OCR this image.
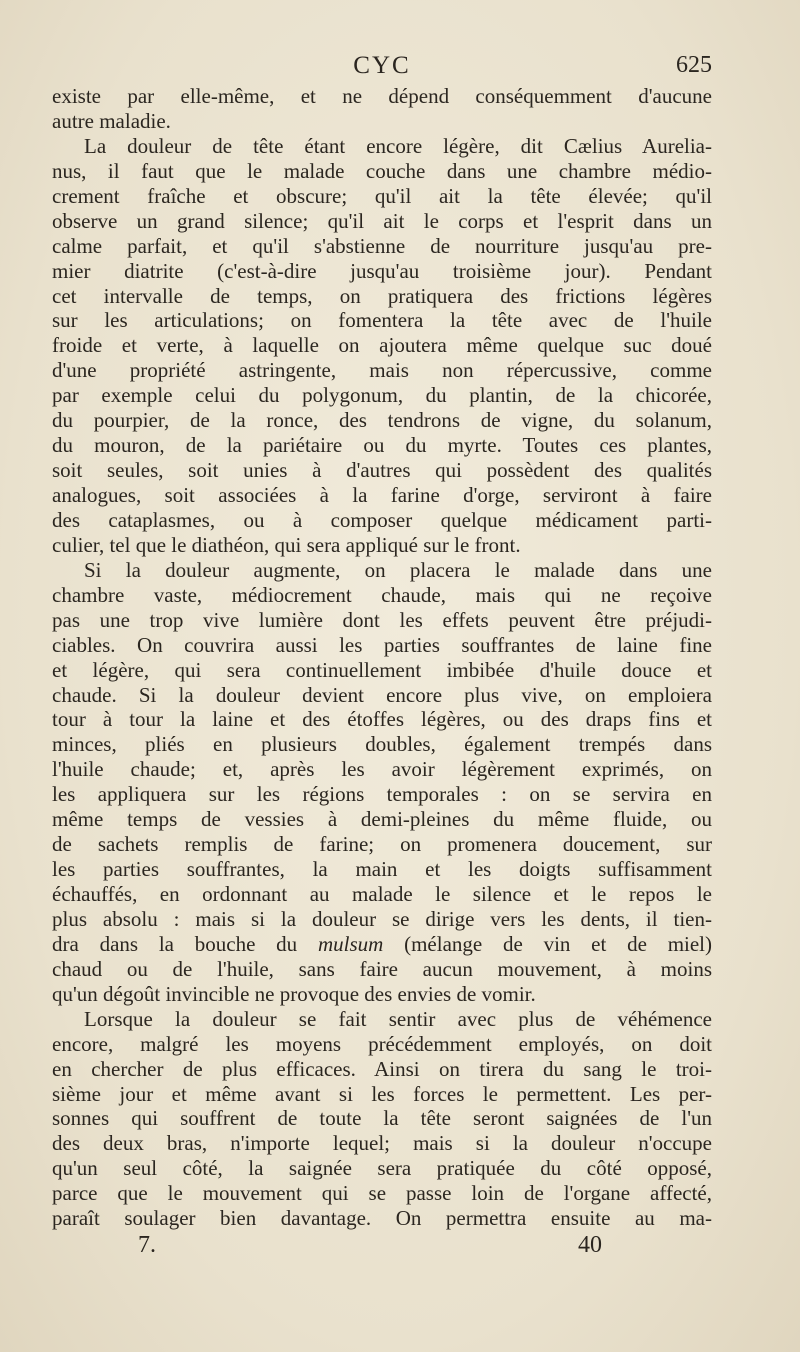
CYC	625
existe par elle-même, et ne dépend conséquemment d'aucune
autre maladie.
La douleur de tête étant encore légère, dit Cælius Aurelia-
nus, il faut que le malade couche dans une chambre médio-
crement fraîche et obscure; qu'il ait la tête élevée; qu'il
observe un grand silence; qu'il ait le corps et l'esprit dans un
calme parfait, et qu'il s'abstienne de nourriture jusqu'au pre-
mier diatrite (c'est-à-dire jusqu'au troisième jour). Pendant
cet intervalle de temps, on pratiquera des frictions légères
sur les articulations; on fomentera la tête avec de l'huile
froide et verte, à laquelle on ajoutera même quelque suc doué
d'une propriété astringente, mais non répercussive, comme
par exemple celui du polygonum, du plantin, de la chicorée,
du pourpier, de la ronce, des tendrons de vigne, du solanum,
du mouron, de la pariétaire ou du myrte. Toutes ces plantes,
soit seules, soit unies à d'autres qui possèdent des qualités
analogues, soit associées à la farine d'orge, serviront à faire
des cataplasmes, ou à composer quelque médicament parti-
culier, tel que le diathéon, qui sera appliqué sur le front.
Si la douleur augmente, on placera le malade dans une
chambre vaste, médiocrement chaude, mais qui ne reçoive
pas une trop vive lumière dont les effets peuvent être préjudi-
ciables. On couvrira aussi les parties souffrantes de laine fine
et légère, qui sera continuellement imbibée d'huile douce et
chaude. Si la douleur devient encore plus vive, on emploiera
tour à tour la laine et des étoffes légères, ou des draps fins et
minces, pliés en plusieurs doubles, également trempés dans
l'huile chaude; et, après les avoir légèrement exprimés, on
les appliquera sur les régions temporales : on se servira en
même temps de vessies à demi-pleines du même fluide, ou
de sachets remplis de farine; on promenera doucement, sur
les parties souffrantes, la main et les doigts suffisamment
échauffés, en ordonnant au malade le silence et le repos le
plus absolu : mais si la douleur se dirige vers les dents, il tien-
dra dans la bouche du mulsum (mélange de vin et de miel)
chaud ou de l'huile, sans faire aucun mouvement, à moins
qu'un dégoût invincible ne provoque des envies de vomir.
Lorsque la douleur se fait sentir avec plus de véhémence
encore, malgré les moyens précédemment employés, on doit
en chercher de plus efficaces. Ainsi on tirera du sang le troi-
sième jour et même avant si les forces le permettent. Les per-
sonnes qui souffrent de toute la tête seront saignées de l'un
des deux bras, n'importe lequel; mais si la douleur n'occupe
qu'un seul côté, la saignée sera pratiquée du côté opposé,
parce que le mouvement qui se passe loin de l'organe affecté,
paraît soulager bien davantage. On permettra ensuite au ma-
7.	40
